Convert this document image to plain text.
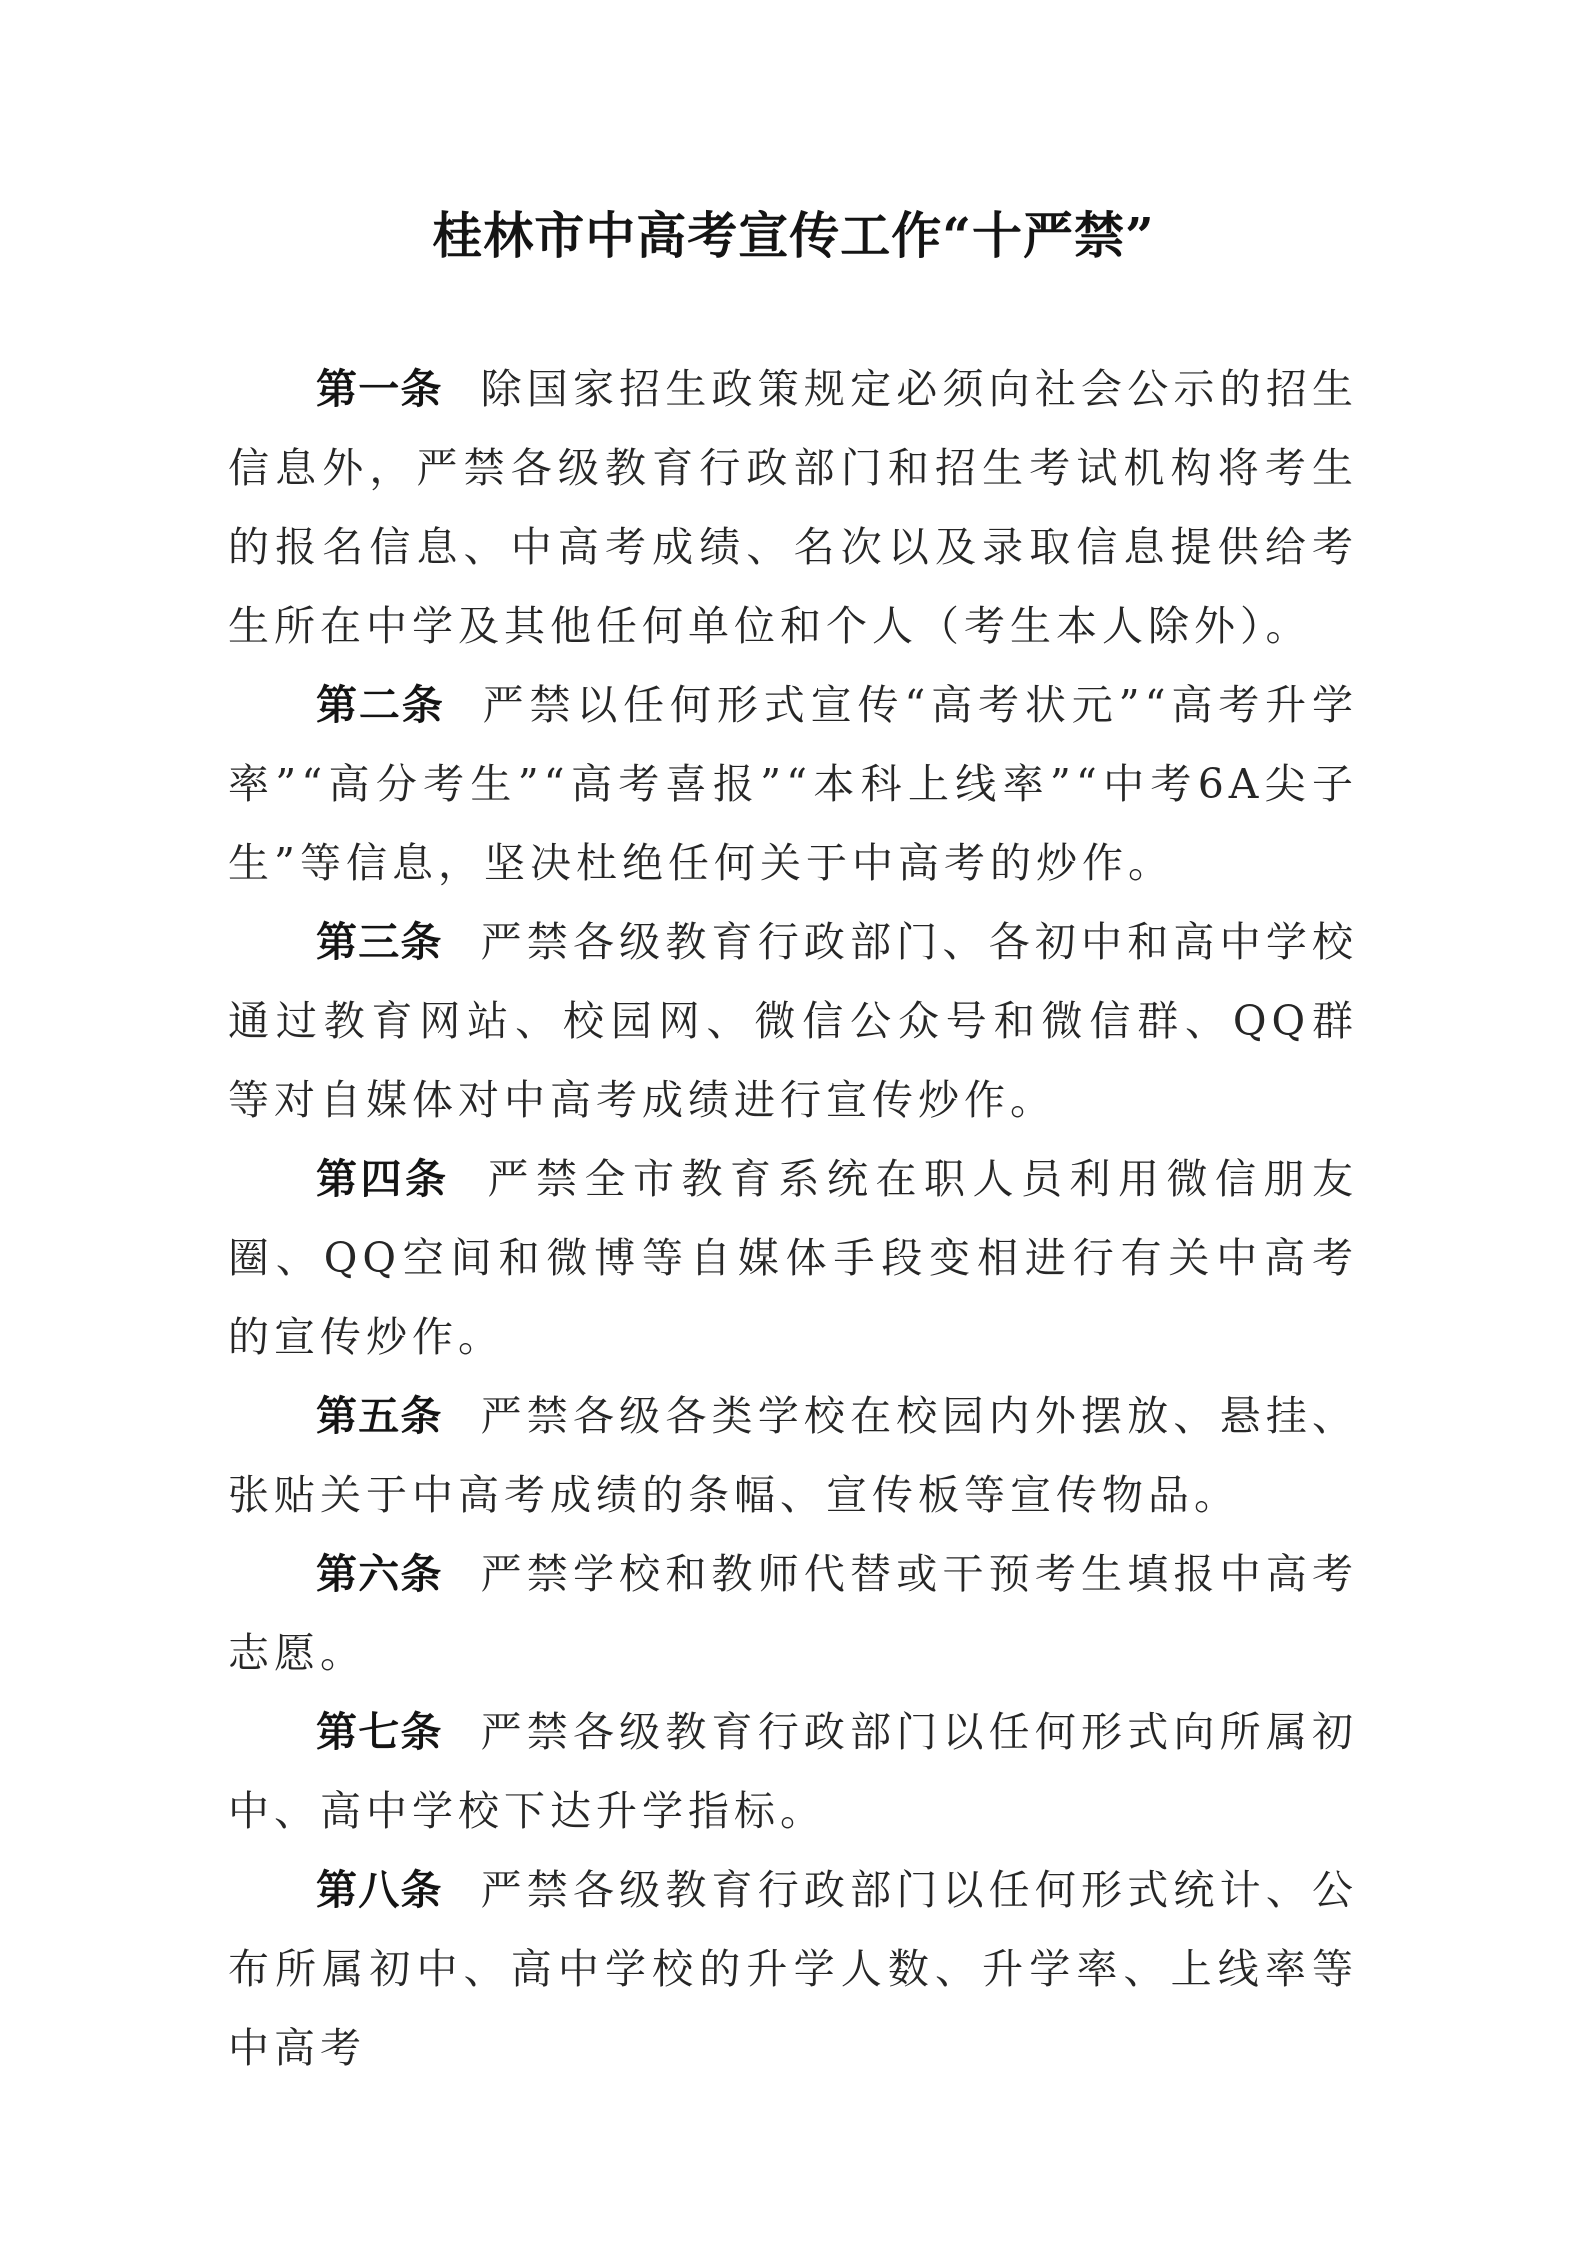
桂林市中高考宣传工作“十严禁”

第一条 除国家招生政策规定必须向社会公示的招生信息外，严禁各级教育行政部门和招生考试机构将考生的报名信息、中高考成绩、名次以及录取信息提供给考生所在中学及其他任何单位和个人（考生本人除外）。

第二条 严禁以任何形式宣传“高考状元”“高考升学率”“高分考生”“高考喜报”“本科上线率”“中考6A尖子生”等信息，坚决杜绝任何关于中高考的炒作。

第三条 严禁各级教育行政部门、各初中和高中学校通过教育网站、校园网、微信公众号和微信群、QQ群等对自媒体对中高考成绩进行宣传炒作。

第四条 严禁全市教育系统在职人员利用微信朋友圈、QQ空间和微博等自媒体手段变相进行有关中高考的宣传炒作。

第五条 严禁各级各类学校在校园内外摆放、悬挂、张贴关于中高考成绩的条幅、宣传板等宣传物品。

第六条 严禁学校和教师代替或干预考生填报中高考志愿。

第七条 严禁各级教育行政部门以任何形式向所属初中、高中学校下达升学指标。

第八条 严禁各级教育行政部门以任何形式统计、公布所属初中、高中学校的升学人数、升学率、上线率等中高考
